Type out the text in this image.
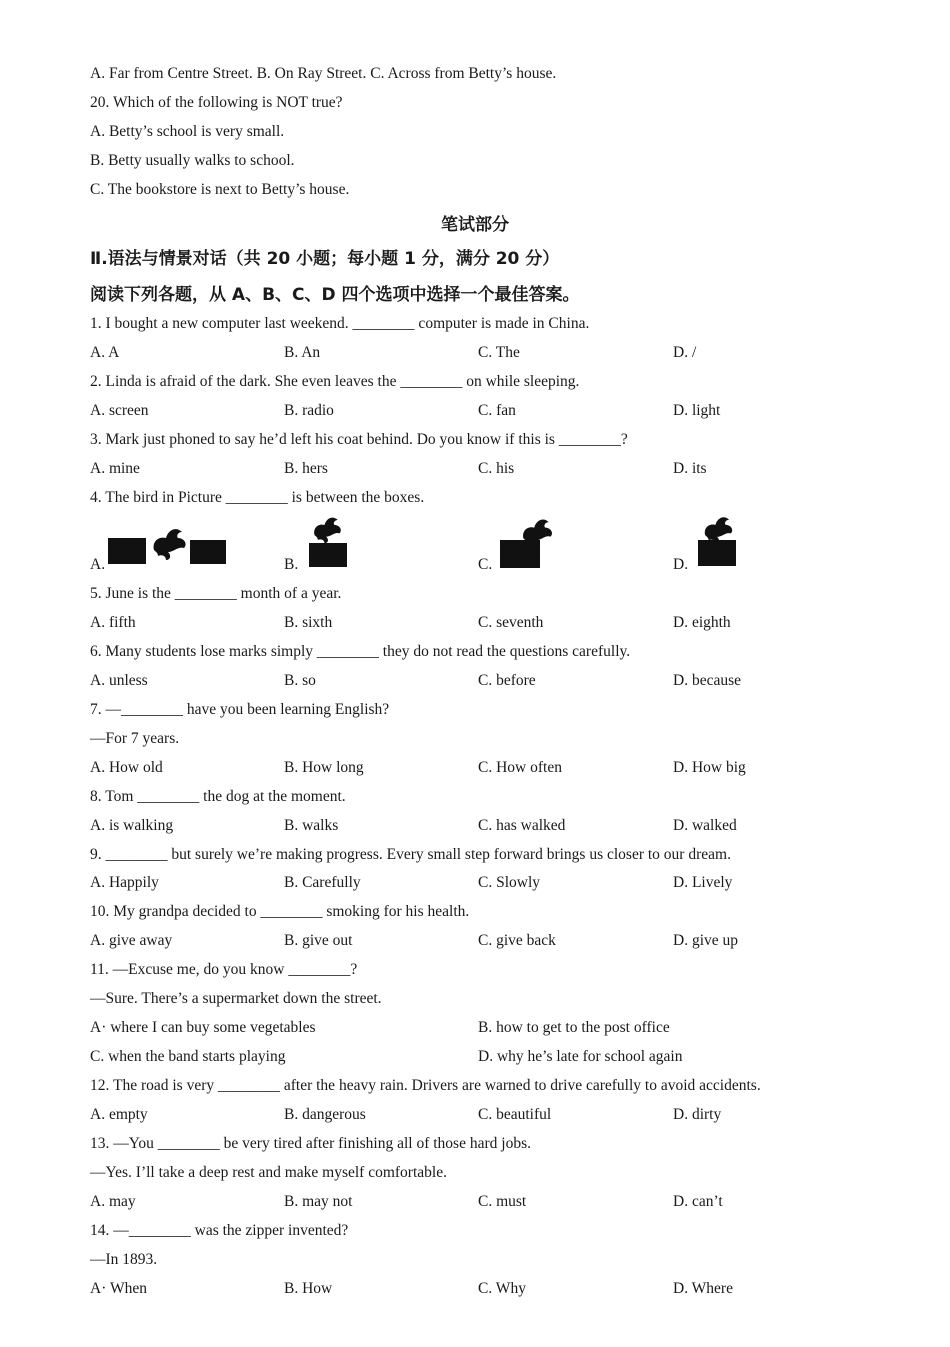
A. Far from Centre Street. B. On Ray Street. C. Across from Betty’s house.
20. Which of the following is NOT true?
A. Betty’s school is very small.
B. Betty usually walks to school.
C. The bookstore is next to Betty’s house.
笔试部分
Ⅱ.语法与情景对话（共 20 小题；每小题 1 分，满分 20 分）
阅读下列各题，从 A、B、C、D 四个选项中选择一个最佳答案。
1. I bought a new computer last weekend. ________ computer is made in China.
A. A	B. An	C. The	D. /
2. Linda is afraid of the dark. She even leaves the ________ on while sleeping.
A. screen	B. radio	C. fan	D. light
3. Mark just phoned to say he’d left his coat behind. Do you know if this is ________?
A. mine	B. hers	C. his	D. its
4. The bird in Picture ________ is between the boxes.
A.	B.	C.	D.
5. June is the ________ month of a year.
A. fifth	B. sixth	C. seventh	D. eighth
6. Many students lose marks simply ________ they do not read the questions carefully.
A. unless	B. so	C. before	D. because
7. —________ have you been learning English?
—For 7 years.
A. How old	B. How long	C. How often	D. How big
8. Tom ________ the dog at the moment.
A. is walking	B. walks	C. has walked	D. walked
9. ________ but surely we’re making progress. Every small step forward brings us closer to our dream.
A. Happily	B. Carefully	C. Slowly	D. Lively
10. My grandpa decided to ________ smoking for his health.
A. give away	B. give out	C. give back	D. give up
11. —Excuse me, do you know ________?
—Sure. There’s a supermarket down the street.
A· where I can buy some vegetables	B. how to get to the post office
C. when the band starts playing	D. why he’s late for school again
12. The road is very ________ after the heavy rain. Drivers are warned to drive carefully to avoid accidents.
A. empty	B. dangerous	C. beautiful	D. dirty
13. —You ________ be very tired after finishing all of those hard jobs.
—Yes. I’ll take a deep rest and make myself comfortable.
A. may	B. may not	C. must	D. can’t
14. —________ was the zipper invented?
—In 1893.
A· When	B. How	C. Why	D. Where
